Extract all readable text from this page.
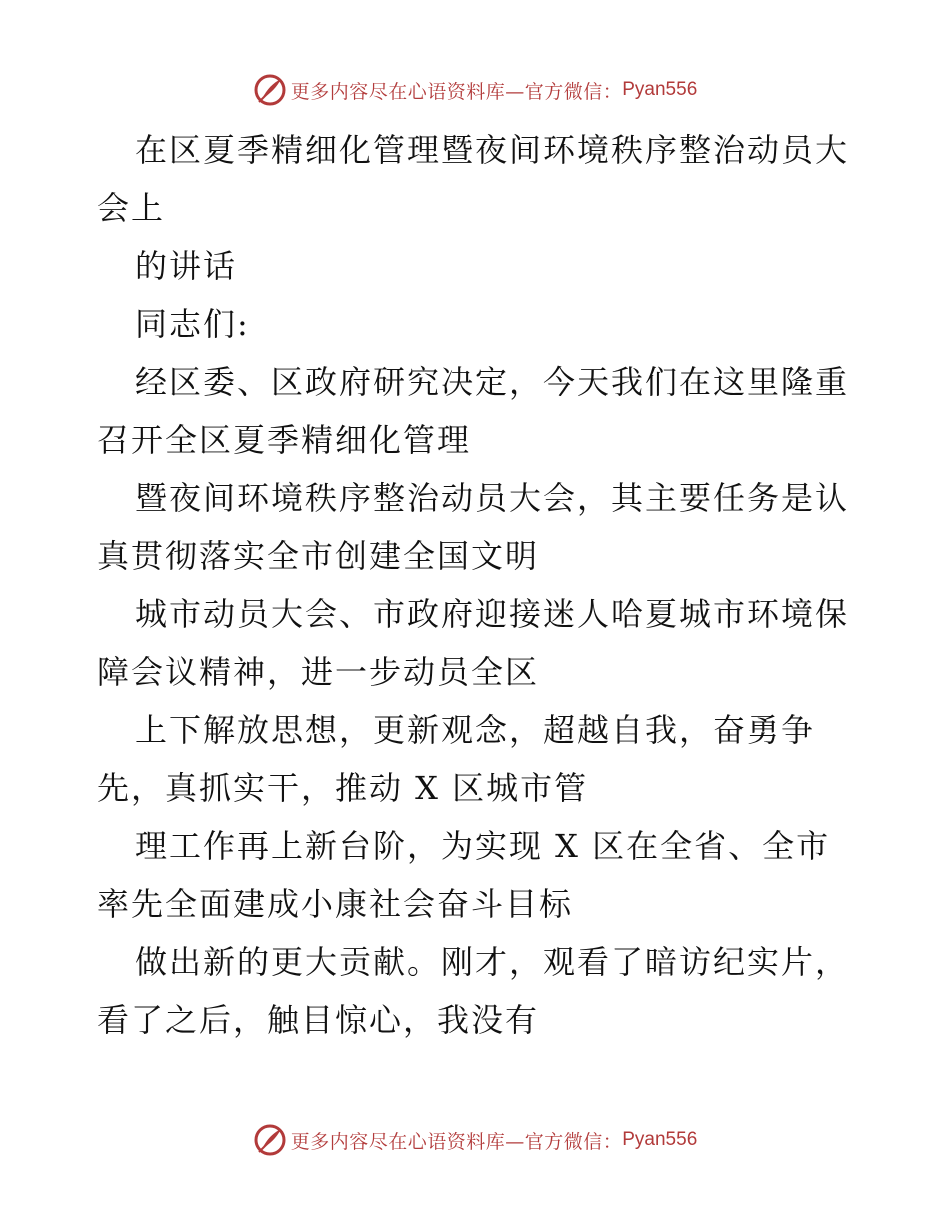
更多内容尽在心语资料库—官方微信： Pyan556

在区夏季精细化管理暨夜间环境秩序整治动员大

会上

的讲话

同志们:

经区委、区政府研究决定，今天我们在这里隆重
召开全区夏季精细化管理

暨夜间环境秩序整治动员大会，其主要任务是认
真贯彻落实全市创建全国文明

城市动员大会、市政府迎接迷人哈夏城市环境保
障会议精神，进一步动员全区

上下解放思想，更新观念，超越自我，奋勇争
先，真抓实干，推动 X 区城市管

理工作再上新台阶，为实现 X 区在全省、全市
率先全面建成小康社会奋斗目标

做出新的更大贡献。刚才，观看了暗访纪实片，
看了之后，触目惊心，我没有

更多内容尽在心语资料库—官方微信： Pyan556
